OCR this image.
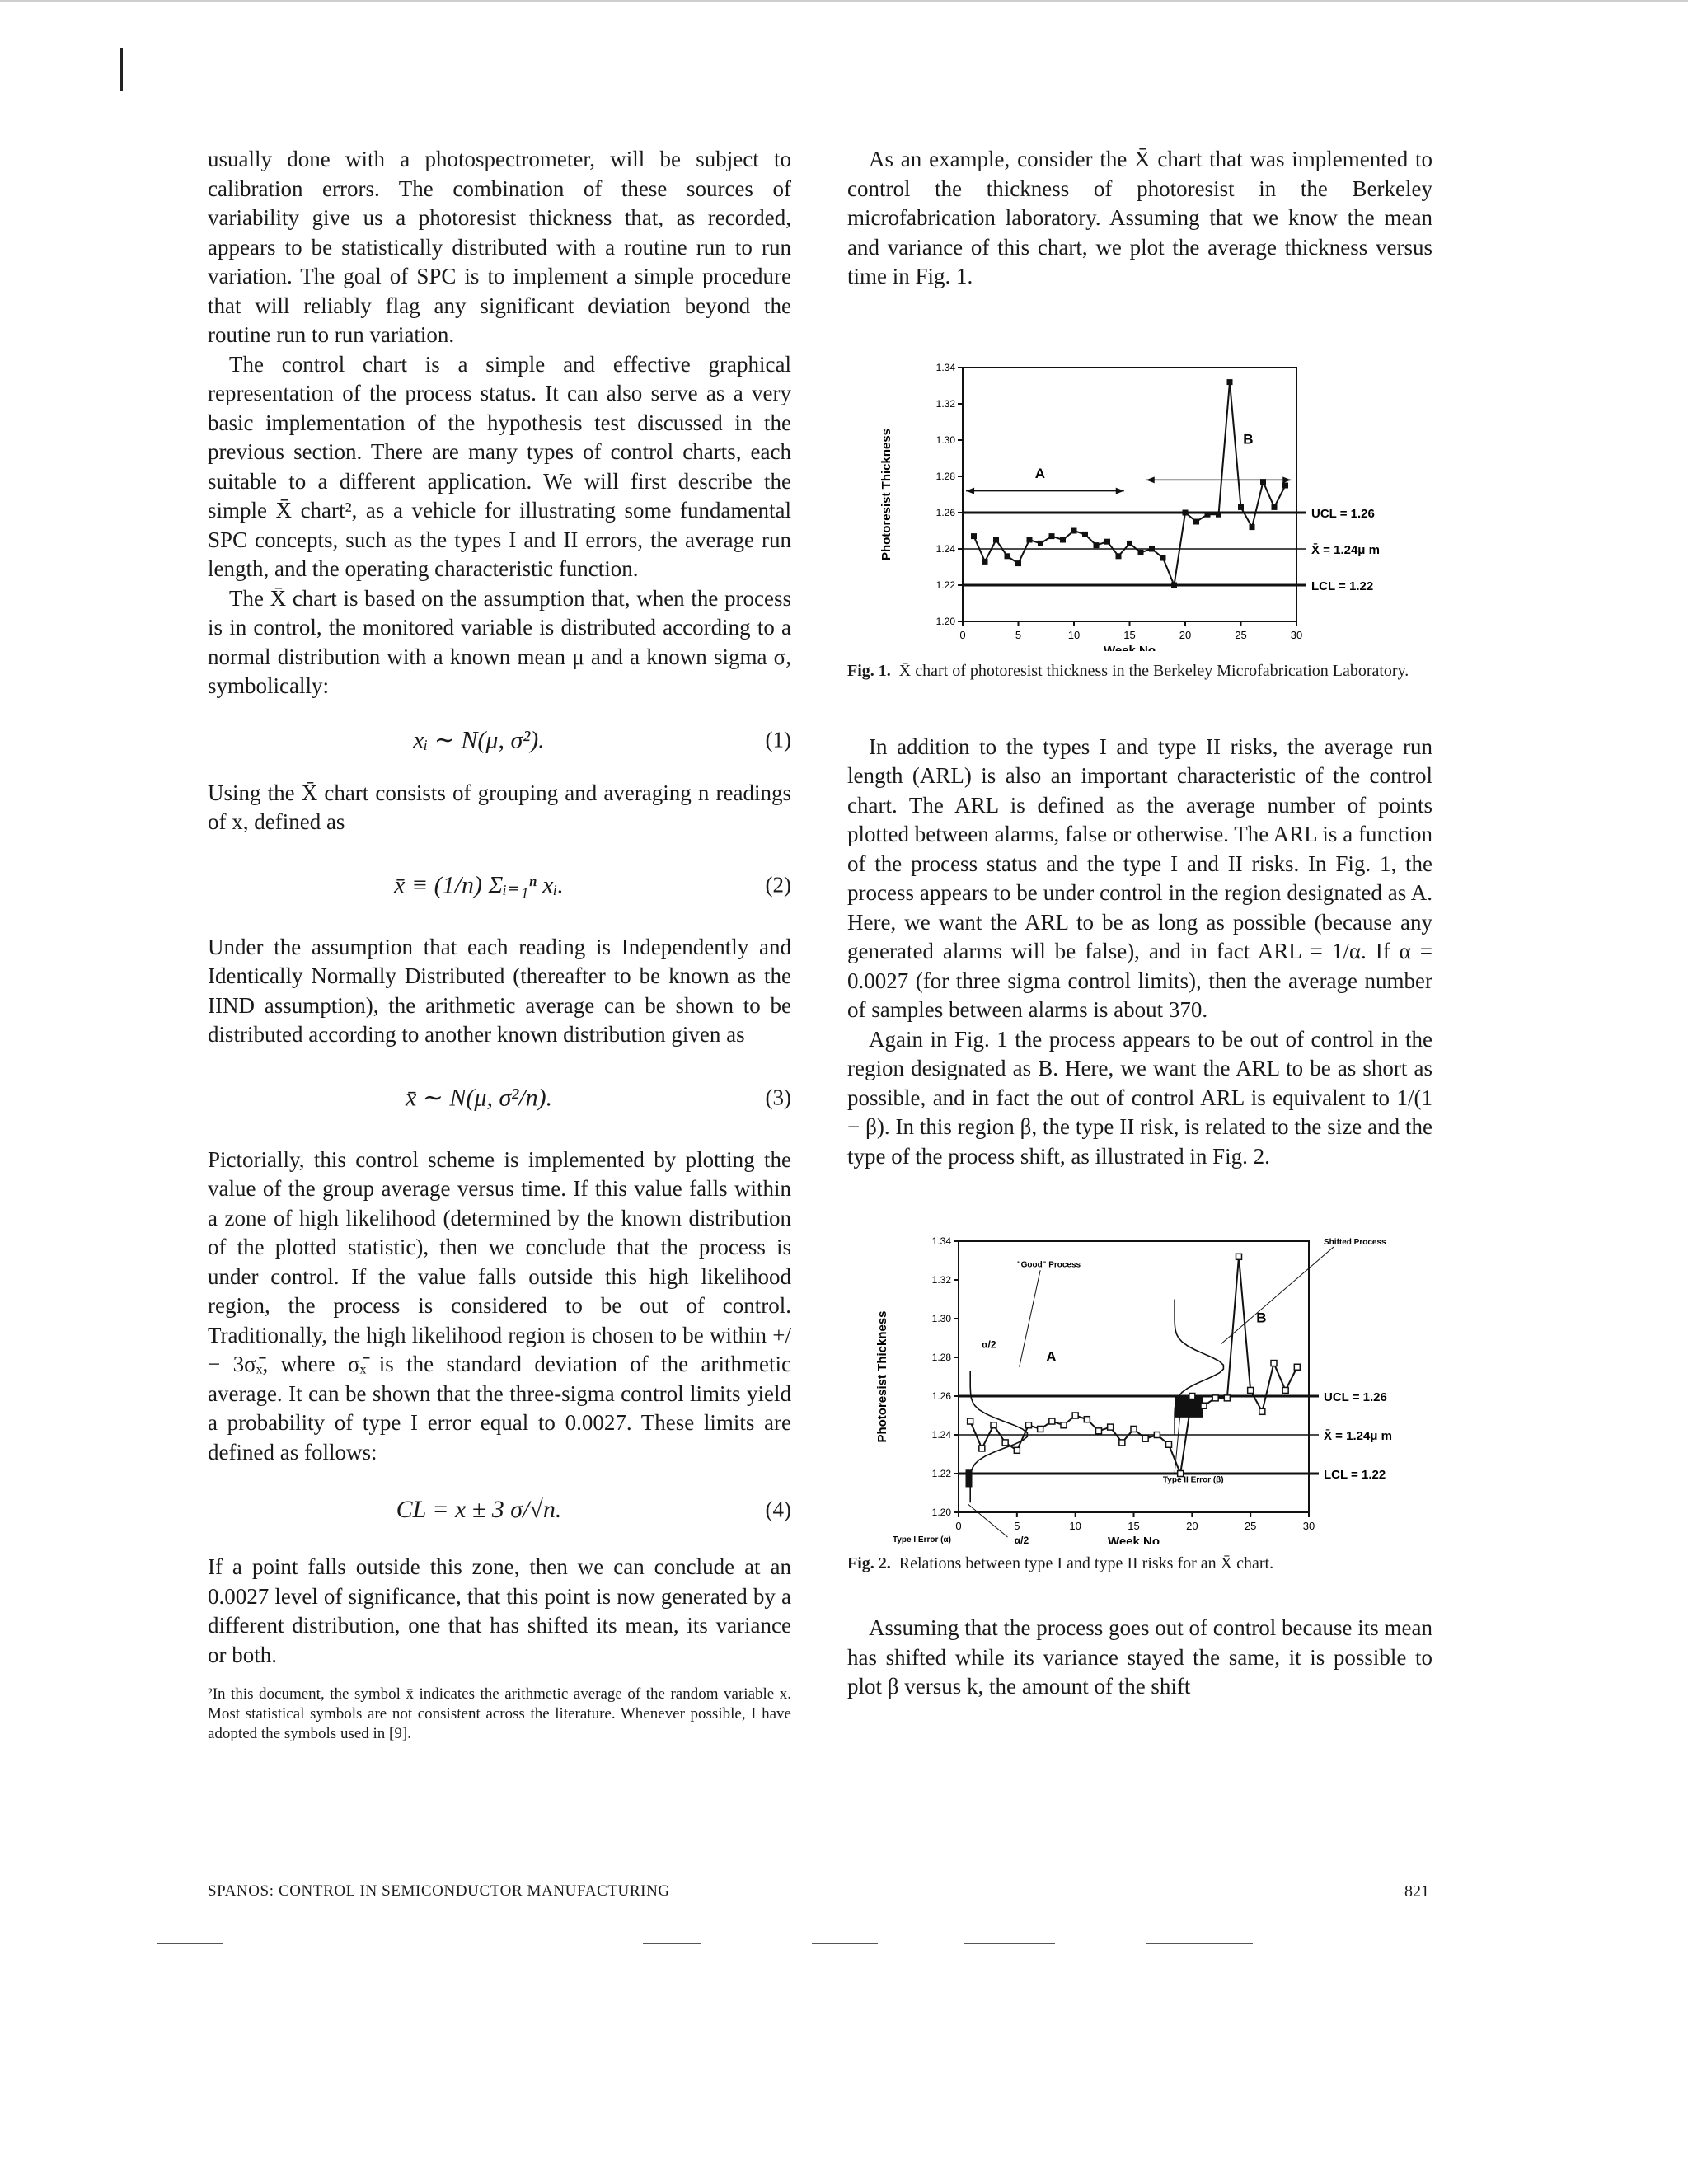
usually done with a photospectrometer, will be subject to calibration errors. The combination of these sources of variability give us a photoresist thickness that, as recorded, appears to be statistically distributed with a routine run to run variation. The goal of SPC is to implement a simple procedure that will reliably flag any significant deviation beyond the routine run to run variation.

The control chart is a simple and effective graphical representation of the process status. It can also serve as a very basic implementation of the hypothesis test discussed in the previous section. There are many types of control charts, each suitable to a different application. We will first describe the simple X̄ chart², as a vehicle for illustrating some fundamental SPC concepts, such as the types I and II errors, the average run length, and the operating characteristic function.

The X̄ chart is based on the assumption that, when the process is in control, the monitored variable is distributed according to a normal distribution with a known mean μ and a known sigma σ, symbolically:

xᵢ ∼ N(μ, σ²).	(1)

Using the X̄ chart consists of grouping and averaging n readings of x, defined as

x̄ ≡ (1/n) Σᵢ₌₁ⁿ xᵢ.	(2)

Under the assumption that each reading is Independently and Identically Normally Distributed (thereafter to be known as the IIND assumption), the arithmetic average can be shown to be distributed according to another known distribution given as

x̄ ∼ N(μ, σ²/n).	(3)

Pictorially, this control scheme is implemented by plotting the value of the group average versus time. If this value falls within a zone of high likelihood (determined by the known distribution of the plotted statistic), then we conclude that the process is under control. If the value falls outside this high likelihood region, the process is considered to be out of control. Traditionally, the high likelihood region is chosen to be within +/ − 3σₓ̄, where σₓ̄ is the standard deviation of the arithmetic average. It can be shown that the three-sigma control limits yield a probability of type I error equal to 0.0027. These limits are defined as follows:

CL = x ± 3 σ/√n.	(4)

If a point falls outside this zone, then we can conclude at an 0.0027 level of significance, that this point is now generated by a different distribution, one that has shifted its mean, its variance or both.

²In this document, the symbol x̄ indicates the arithmetic average of the random variable x. Most statistical symbols are not consistent across the literature. Whenever possible, I have adopted the symbols used in [9].

As an example, consider the X̄ chart that was implemented to control the thickness of photoresist in the Berkeley microfabrication laboratory. Assuming that we know the mean and variance of this chart, we plot the average thickness versus time in Fig. 1.

1.20
1.22
1.24
1.26
1.28
1.30
1.32
1.34
0	5	10	15	20	25	30
Week No
Photoresist Thickness	UCL = 1.26
X̄ = 1.24μ m
LCL = 1.22
A
B
Fig. 1. X̄ chart of photoresist thickness in the Berkeley Microfabrication Laboratory.

In addition to the types I and type II risks, the average run length (ARL) is also an important characteristic of the control chart. The ARL is defined as the average number of points plotted between alarms, false or otherwise. The ARL is a function of the process status and the type I and II risks. In Fig. 1, the process appears to be under control in the region designated as A. Here, we want the ARL to be as long as possible (because any generated alarms will be false), and in fact ARL = 1/α. If α = 0.0027 (for three sigma control limits), then the average number of samples between alarms is about 370.

Again in Fig. 1 the process appears to be out of control in the region designated as B. Here, we want the ARL to be as short as possible, and in fact the out of control ARL is equivalent to 1/(1 − β). In this region β, the type II risk, is related to the size and the type of the process shift, as illustrated in Fig. 2.

1.20
1.22
1.24
1.26
1.28
1.30
1.32
1.34
0	5	10	15	20	25	30
Week No
Photoresist Thickness	UCL = 1.26
X̄ = 1.24μ m
LCL = 1.22
"Good" Process
Shifted Process
A
B
Type II Error (β)
Type I Error (α)
α/2
α/2
Fig. 2. Relations between type I and type II risks for an X̄ chart.

Assuming that the process goes out of control because its mean has shifted while its variance stayed the same, it is possible to plot β versus k, the amount of the shift

SPANOS: CONTROL IN SEMICONDUCTOR MANUFACTURING	821
